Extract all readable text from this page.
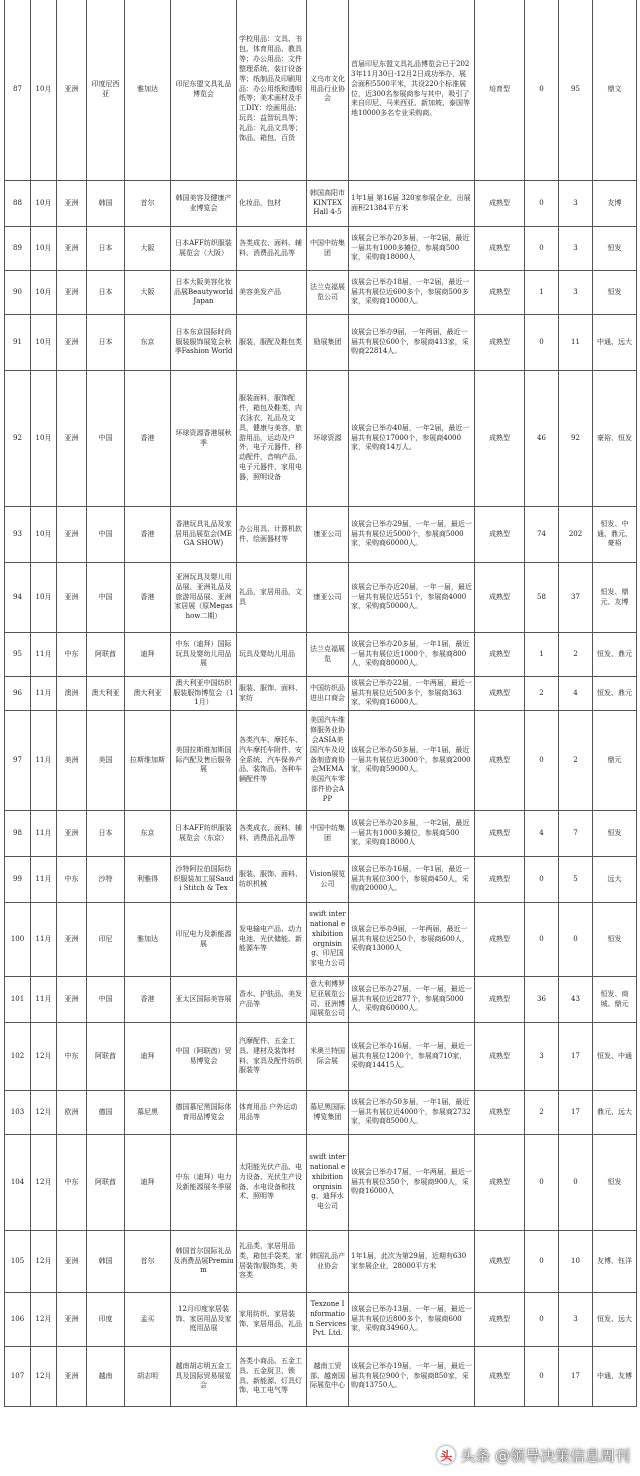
87	10月	亚洲	印度尼西亚	雅加达	印尼东盟文具礼品博览会	学校用品：文具、书包、体育用品、教具等；办公用品：文件整理系统、装订设备等；纸制品及印刷用品：办公用纸和透明纸等；美术画材及手工DIY：绘画用品；玩具：益智玩具等；礼品：礼品文具等；饰品、箱包、百货	义乌市文化用品行业协会	首届印尼东盟文具礼品博览会已于2023年11月30日-12月2日成功举办，展会面积5500平米，共设220个标准展位，近300名参展商参与其中，吸引了来自印尼、马来西亚、新加坡、泰国等地10000多名专业采购商。	培育型	0	95	鼎文
88	10月	亚洲	韩国	首尔	韩国美容及健康产业博览会	化妆品，包材	韩国高阳市KINTEX Hall 4-5	1年1届 第16届 320家参展企业，出展面积21384平方米	成熟型	0	3	友博
89	10月	亚洲	日本	大阪	日本AFF纺织服装展览会（大阪）	各类成衣、面料、辅料、消费品礼品等	中国中纺集团	该展会已举办20多届，一年2届，最近一届共有1000多摊位，参展商500家，采购商18000人	成熟型	0	3	恒发
90	10月	亚洲	日本	大阪	日本大阪美容化妆品展Beautyworld Japan	美容美发产品	法兰克福展览公司	该展会已举办18届，一年2届，最近一届共有展位近600多个，参展商500多家，采购商10000人。	成熟型	1	3	恒发
91	10月	亚洲	日本	东京	日本东京国际时尚服装服饰展览会秋季Fashion World	服装，服配及鞋包类	励展集团	该展会已举办9届，一年两届，最近一届共有展位600个，参展商413家，采购商22814人。	成熟型	0	11	中通、远大
92	10月	亚洲	中国	香港	环球资源香港展秋季	服装面料，服饰配件，箱包及鞋类，内衣泳衣，礼品及文具，健康与美容，旅游用品，运动及户外，电子元器件，移动配件，音响产品，电子元器件，家用电器，照明设备	环球资源	该展会已举办40届，一年2届，最近一届共有展位17000个，参展商4000家，采购商14万人。	成熟型	46	92	豪裕、恒发
93	10月	亚洲	中国	香港	香港玩具礼品及家居用品展览会(MEGA SHOW)	办公用具、计算机软件、绘画器材等	康亚公司	该展会已举办29届，一年一届，最近一届共有展位近5000个，参展商5000家，采购商60000人。	成熟型	74	202	恒发、中通、鼎元、豪裕
94	10月	亚洲	中国	香港	亚洲玩具及婴儿用品展、亚洲礼品及旅游用品展、亚洲家居展（原Megashow二期）	礼品，家居用品，文具	康亚公司	该展会已举办近20届，一年一届，最近一届共有展位近551个，参展商4000家，采购商50000人。	成熟型	58	37	恒发、鼎元、友博
95	11月	中东	阿联酋	迪拜	中东（迪拜）国际玩具及婴幼儿用品展	玩具及婴幼儿用品	法兰克福展览	该展会已举办20多届，一年1届，最近一届共有展位近1000个，参展商800人，采购商80000人。	成熟型	1	2	恒发、鼎元
96	11月	澳洲	澳大利亚	澳大利亚	澳大利亚中国纺织服装服饰博览会（11月）	服装、服饰、面料、家纺	中国纺织品进出口商会	该展会已举办22届，一年两届，最近一届共有展位近500多个，参展商363家，采购商16000人。	成熟型	2	4	恒发、鼎元
97	11月	美洲	美国	拉斯维加斯	美国拉斯维加斯国际汽配及售后服务展	各类汽车、摩托车、汽车摩托车附件、安全系统、汽车保养产品、装饰品、各种车辆配件等	美国汽车维修服务业协会ASIA美国汽车及设备制造商协会MEMA美国汽车零部件协会APP	该展会已举办50多届，一年1届，最近一届共有展位近3000个，参展商2000家，采购商59000人。	成熟型	0	2	鼎元
98	11月	亚洲	日本	东京	日本AFF纺织服装展览会（东京）	各类成衣、面料、辅料、消费品礼品等	中国中纺集团	该展会已举办20多届，一年2届，最近一届共有1000多摊位，参展商500家，采购商18000人	成熟型	4	7	恒发
99	11月	中东	沙特	利雅得	沙特阿拉伯国际纺织服装加工展Saudi Stitch & Tex	服装、服饰、面料、纺织机械	Vision展览公司	该展会已举办16届，一年1届，最近一届共有展位300个，参展商450人，采购商20000人。	成熟型	0	5	远大
100	11月	亚洲	印尼	雅加达	印尼电力及新能源展	发电输电产品、动力电池、光伏储能、新能源车等	swift international exhibition orgnising、印尼国家电力公司	该展会已举办9届，一年两届，最近一届共有展位近250个，参展商600人，采购商13000人	成熟型	0	0	恒发
101	11月	亚洲	中国	香港	亚太区国际美容展	香水、护肤品、美发产品等	意大利博罗尼亚展览公司、亚洲博闻展览公司	该展会已举办27届，一年一届，最近一届共有展位近2877个，参展商5000人，采购商60000人。	成熟型	36	43	恒发、商城、鼎元
102	12月	中东	阿联酋	迪拜	中国（阿联酋）贸易博览会	汽摩配件、五金工具、建材及装饰材料、家具及配件纺织服装等	米奥兰特国际会展	该展会已举办16届，一年一届，最近一届共有展位1200个，参展商710家，采购商14415人。	成熟型	3	17	恒发、中通
103	12月	欧洲	德国	慕尼黑	德国慕尼黑国际体育用品博览会	体育用品 户外运动用品等	慕尼黑国际博览集团	该展会已举办50多届，一年1届，最近一届共有展位近4000个，参展商2732家，采购商85000人。	成熟型	2	17	鼎元、远大
104	12月	中东	阿联酋	迪拜	中东（迪拜）电力及新能源展冬季展	太阳能光伏产品、电力设备、光伏生产设备、水电设备和技术、照明等	swift international exhibition orgnising、迪拜水电公司	该展会已举办17届，一年两届，最近一届共有展位350个，参展商900人，采购商16000人	成熟型	0	0	恒发
105	12月	亚洲	韩国	首尔	韩国首尔国际礼品及消费品展Premium	礼品类，家居用品类，箱包手袋类，家居装饰/服饰类，美容类	韩国礼品产业协会	1年1届，此次为第29届，近期有630家参展企业，28000平方米	成熟型	0	10	友博、钰洋
106	12月	亚洲	印度	孟买	12月印度家居装饰、家居用品及家庭用品展	家用纺织、家居装饰、家居用品、礼品	Texzone Information Services Pvt. Ltd.	该展会已举办13届，一年一届，最近一届共有展位近800多个，参展商600家，采购商34960人。	成熟型	0	3	恒发、远大
107	12月	亚洲	越南	胡志明	越南胡志明五金工具及国际贸易展览会	各类小商品、五金工具、五金厨卫、锁具、新能源、灯具灯饰、电工电气等	越南工贸部、越南国际展览中心	该展会已举办19届，一年一届，最近一届共有展位900个，参展商850家，采购商13750人。	成熟型	0	17	中通、友博
头 头条 @领导决策信息周刊
